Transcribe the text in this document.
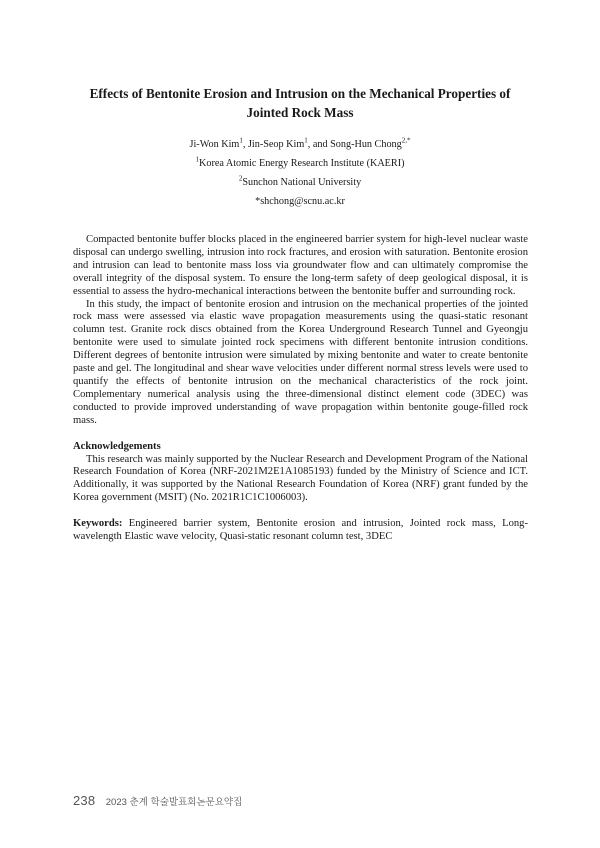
Effects of Bentonite Erosion and Intrusion on the Mechanical Properties of
Jointed Rock Mass
Ji-Won Kim$^1$, Jin-Seop Kim$^1$, and Song-Hun Chong$^{2,*}$
$^1$Korea Atomic Energy Research Institute (KAERI)
$^2$Sunchon National University
*shchong@scnu.ac.kr

Compacted bentonite buffer blocks placed in the engineered barrier system for high-level nuclear waste disposal can undergo swelling, intrusion into rock fractures, and erosion with saturation. Bentonite erosion and intrusion can lead to bentonite mass loss via groundwater flow and can ultimately compromise the overall integrity of the disposal system. To ensure the long-term safety of deep geological disposal, it is essential to assess the hydro-mechanical interactions between the bentonite buffer and surrounding rock.

In this study, the impact of bentonite erosion and intrusion on the mechanical properties of the jointed rock mass were assessed via elastic wave propagation measurements using the quasi-static resonant column test. Granite rock discs obtained from the Korea Underground Research Tunnel and Gyeongju bentonite were used to simulate jointed rock specimens with different bentonite intrusion conditions. Different degrees of bentonite intrusion were simulated by mixing bentonite and water to create bentonite paste and gel. The longitudinal and shear wave velocities under different normal stress levels were used to quantify the effects of bentonite intrusion on the mechanical characteristics of the rock joint. Complementary numerical analysis using the three-dimensional distinct element code (3DEC) was conducted to provide improved understanding of wave propagation within bentonite gouge-filled rock mass.

Acknowledgements

This research was mainly supported by the Nuclear Research and Development Program of the National Research Foundation of Korea (NRF-2021M2E1A1085193) funded by the Ministry of Science and ICT. Additionally, it was supported by the National Research Foundation of Korea (NRF) grant funded by the Korea government (MSIT) (No. 2021R1C1C1006003).

Keywords: Engineered barrier system, Bentonite erosion and intrusion, Jointed rock mass, Long-wavelength Elastic wave velocity, Quasi-static resonant column test, 3DEC

238 2023 춘계 학술발표회논문요약집
